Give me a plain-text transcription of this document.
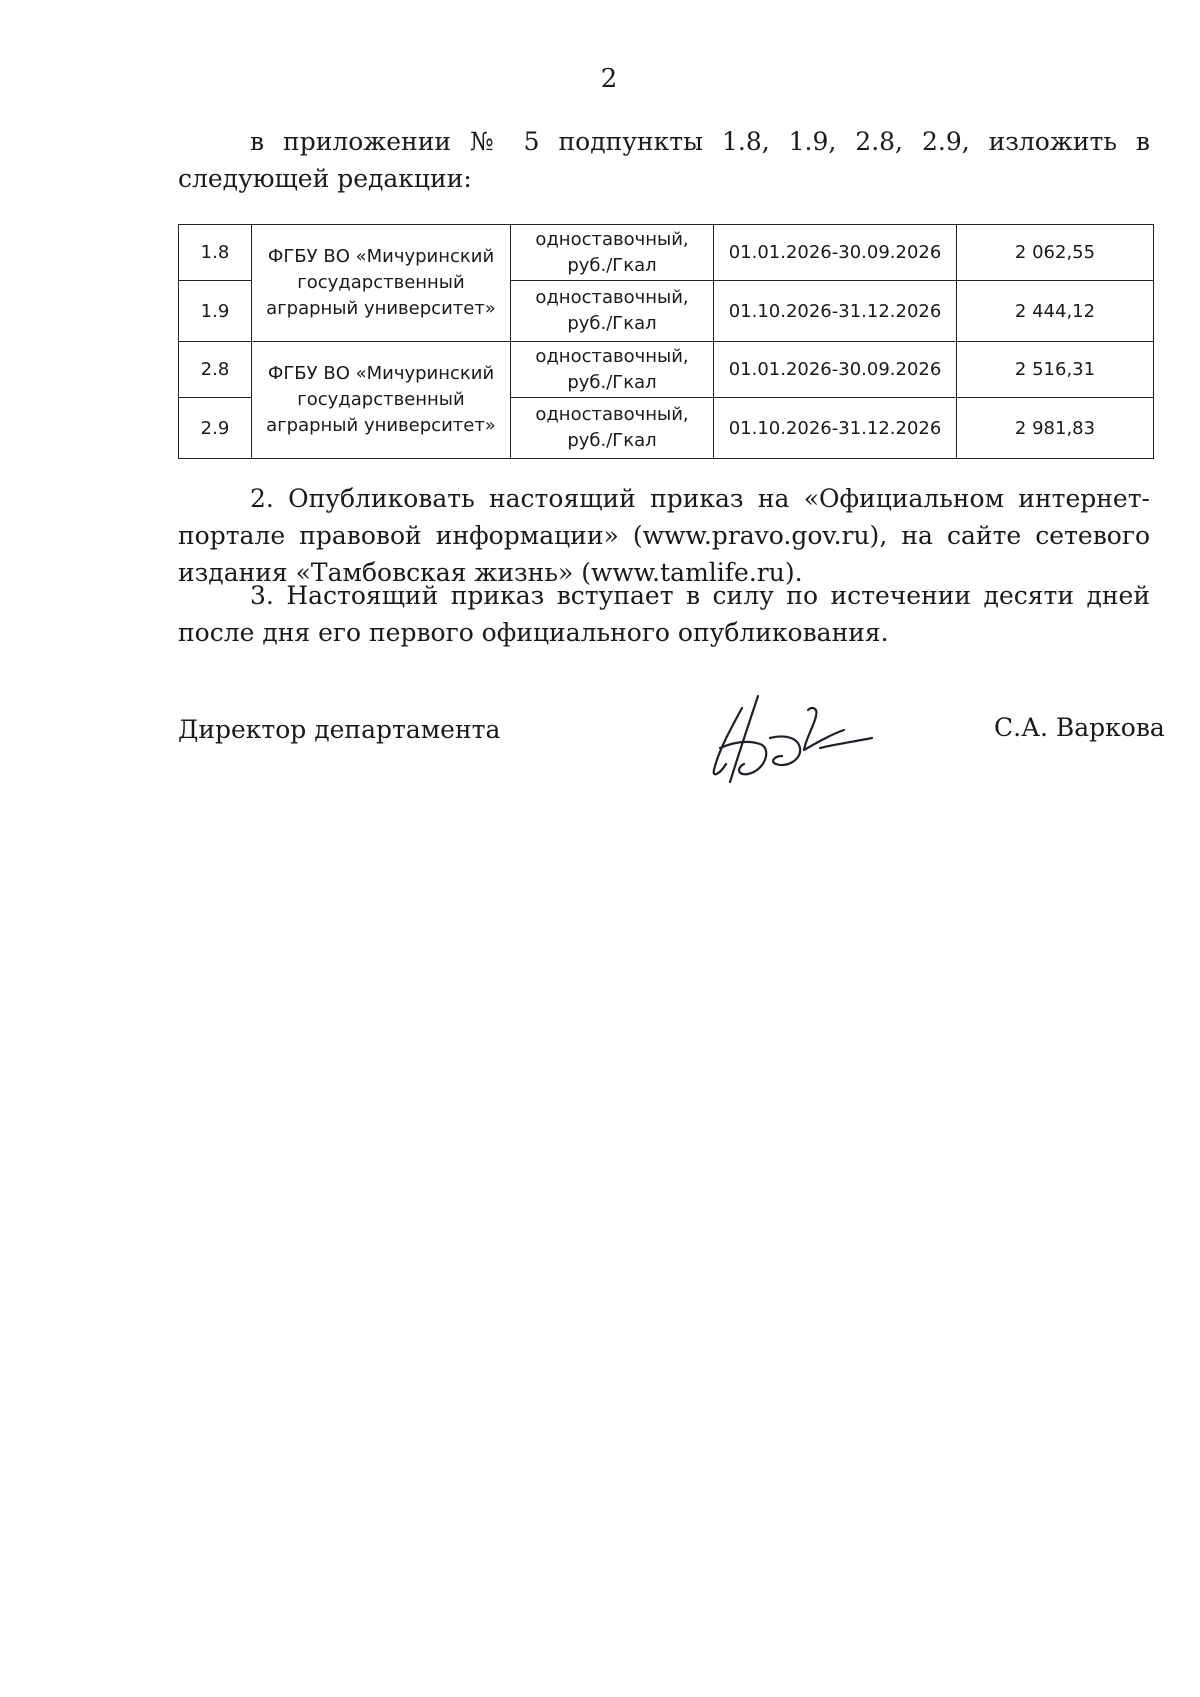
2

в приложении № 5 подпункты 1.8, 1.9, 2.8, 2.9, изложить в следующей редакции:

1.8	ФГБУ ВО «Мичуринский государственный аграрный университет»	одноставочный, руб./Гкал	01.01.2026-30.09.2026	2 062,55
1.9		одноставочный, руб./Гкал	01.10.2026-31.12.2026	2 444,12
2.8	ФГБУ ВО «Мичуринский государственный аграрный университет»	одноставочный, руб./Гкал	01.01.2026-30.09.2026	2 516,31
2.9		одноставочный, руб./Гкал	01.10.2026-31.12.2026	2 981,83

2. Опубликовать настоящий приказ на «Официальном интернет-портале правовой информации» (www.pravo.gov.ru), на сайте сетевого издания «Тамбовская жизнь» (www.tamlife.ru).

3. Настоящий приказ вступает в силу по истечении десяти дней после дня его первого официального опубликования.

Директор департамента	С.А. Варкова
